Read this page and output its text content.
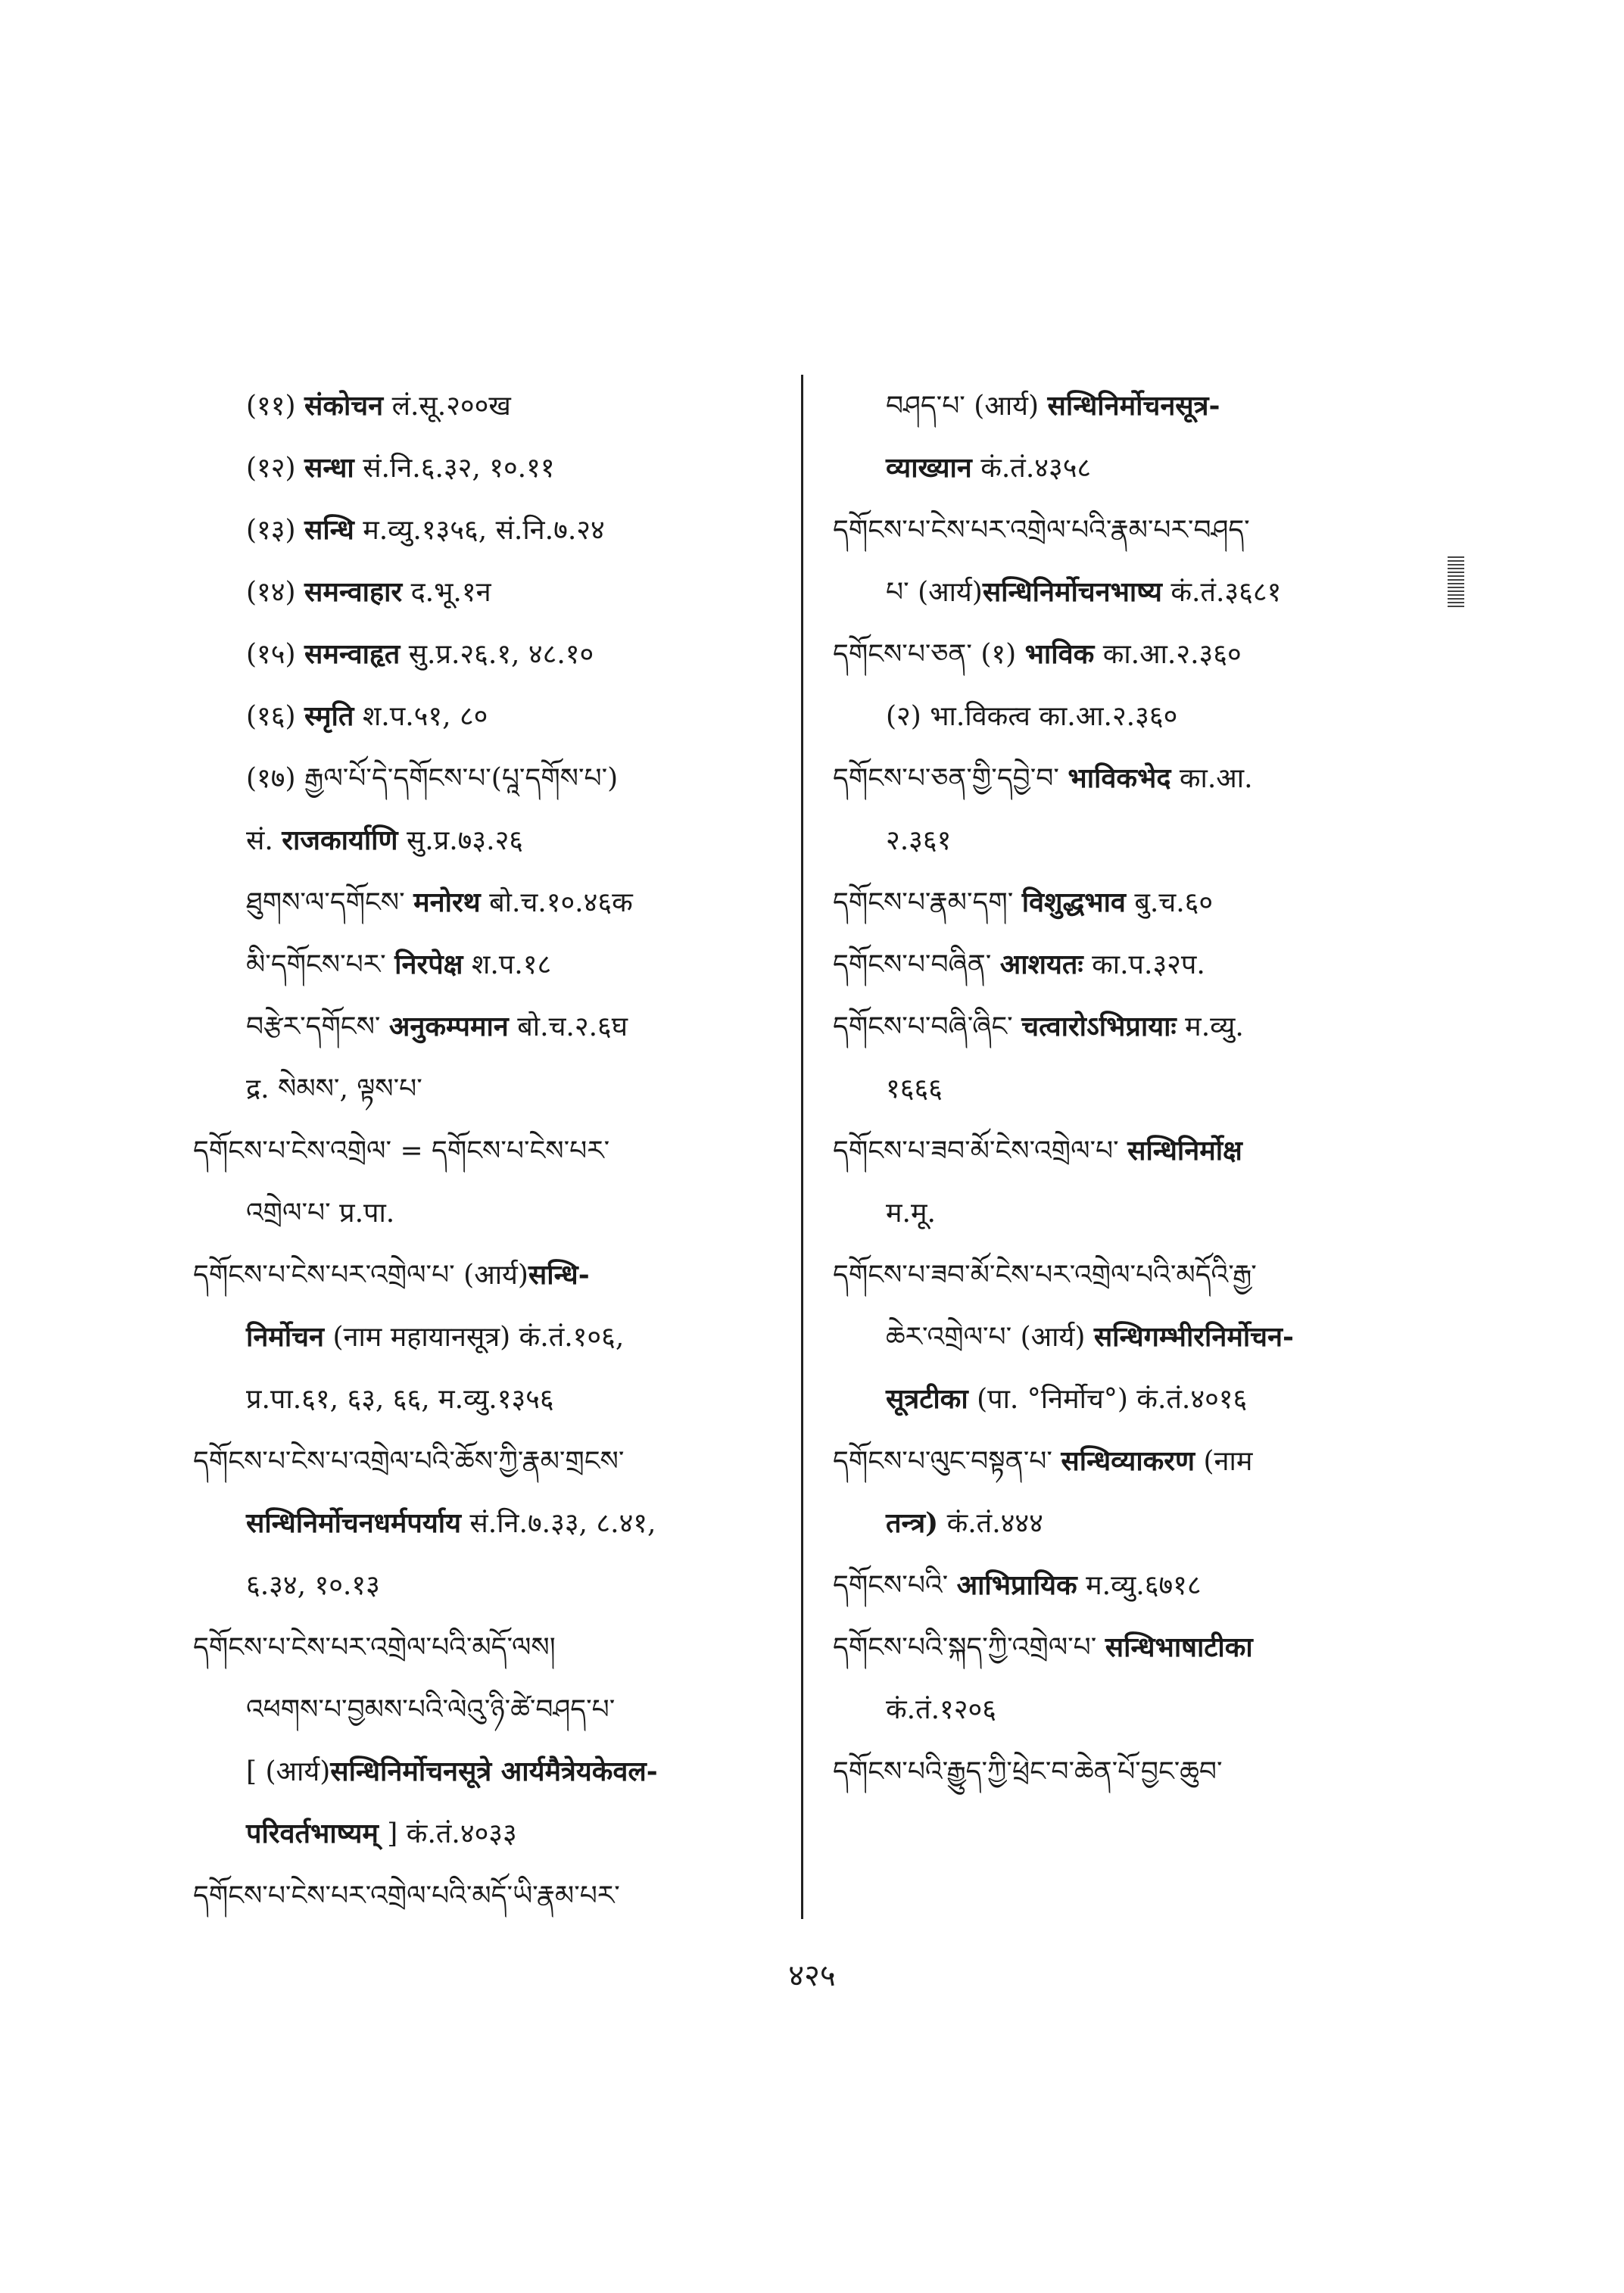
(११) संकोचन लं.सू.२००ख
(१२) सन्धा सं.नि.६.३२, १०.११
(१३) सन्धि म.व्यु.१३५६, सं.नि.७.२४
(१४) समन्वाहार द.भू.१न
(१५) समन्वाहृत सु.प्र.२६.१, ४८.१०
(१६) स्मृति श.प.५१, ८०
(१७) རྒྱལ་པོ་དེ་དགོངས་པ་(པཱ་དགོས་པ་)
सं. राजकार्याणि सु.प्र.७३.२६
ཐུགས་ལ་དགོངས་ मनोरथ बो.च.१०.४६क
མི་དགོངས་པར་ निरपेक्ष श.प.१८
བརྩེར་དགོངས་ अनुकम्पमान बो.च.२.६घ
द्र. སེམས་, ལྟས་པ་
དགོངས་པ་ངེས་འགྲེལ་ = དགོངས་པ་ངེས་པར་
འགྲེལ་པ་ प्र.पा.
དགོངས་པ་ངེས་པར་འགྲེལ་པ་ (आर्य)सन्धि-
निर्मोचन (नाम महायानसूत्र) कं.तं.१०६,
प्र.पा.६१, ६३, ६६, म.व्यु.१३५६
དགོངས་པ་ངེས་པ་འགྲེལ་པའི་ཆོས་ཀྱི་རྣམ་གྲངས་
सन्धिनिर्मोचनधर्मपर्याय सं.नि.७.३३, ८.४१,
६.३४, १०.१३
དགོངས་པ་ངེས་པར་འགྲེལ་པའི་མདོ་ལས།
འཕགས་པ་བྱམས་པའི་ལེའུ་ཉི་ཚེ་བཤད་པ་
[ (आर्य)सन्धिनिर्मोचनसूत्रे आर्यमैत्रेयकेवल-
परिवर्तभाष्यम् ] कं.तं.४०३३
དགོངས་པ་ངེས་པར་འགྲེལ་པའི་མདོ་ཡི་རྣམ་པར་
བཤད་པ་ (आर्य) सन्धिनिर्मोचनसूत्र-
व्याख्यान कं.तं.४३५८
དགོངས་པ་ངེས་པར་འགྲེལ་པའི་རྣམ་པར་བཤད་
པ་ (आर्य)सन्धिनिर्मोचनभाष्य कं.तं.३६८१
དགོངས་པ་ཅན་ (१) भाविक का.आ.२.३६०
(२) भा.विकत्व का.आ.२.३६०
དགོངས་པ་ཅན་གྱི་དབྱེ་བ་ भाविकभेद का.आ.
२.३६१
དགོངས་པ་རྣམ་དག་ विशुद्धभाव बु.च.६०
དགོངས་པ་བཞིན་ आशयतः का.प.३२प.
དགོངས་པ་བཞི་ཞིང་ चत्वारोऽभिप्रायाः म.व्यु.
१६६६
དགོངས་པ་ཟབ་མོ་ངེས་འགྲེལ་པ་ सन्धिनिर्मोक्ष
म.मू.
དགོངས་པ་ཟབ་མོ་ངེས་པར་འགྲེལ་པའི་མདོའི་རྒྱ་
ཆེར་འགྲེལ་པ་ (आर्य) सन्धिगम्भीरनिर्मोचन-
सूत्रटीका (पा. °निर्मोच°) कं.तं.४०१६
དགོངས་པ་ལུང་བསྟན་པ་ सन्धिव्याकरण (नाम
तन्त्र) कं.तं.४४४
དགོངས་པའི་ आभिप्रायिक म.व्यु.६७१८
དགོངས་པའི་སྐད་ཀྱི་འགྲེལ་པ་ सन्धिभाषाटीका
कं.तं.१२०६
དགོངས་པའི་རྒྱུད་ཀྱི་ཕྲེང་བ་ཆེན་པོ་བྱང་ཆུབ་
४२५
